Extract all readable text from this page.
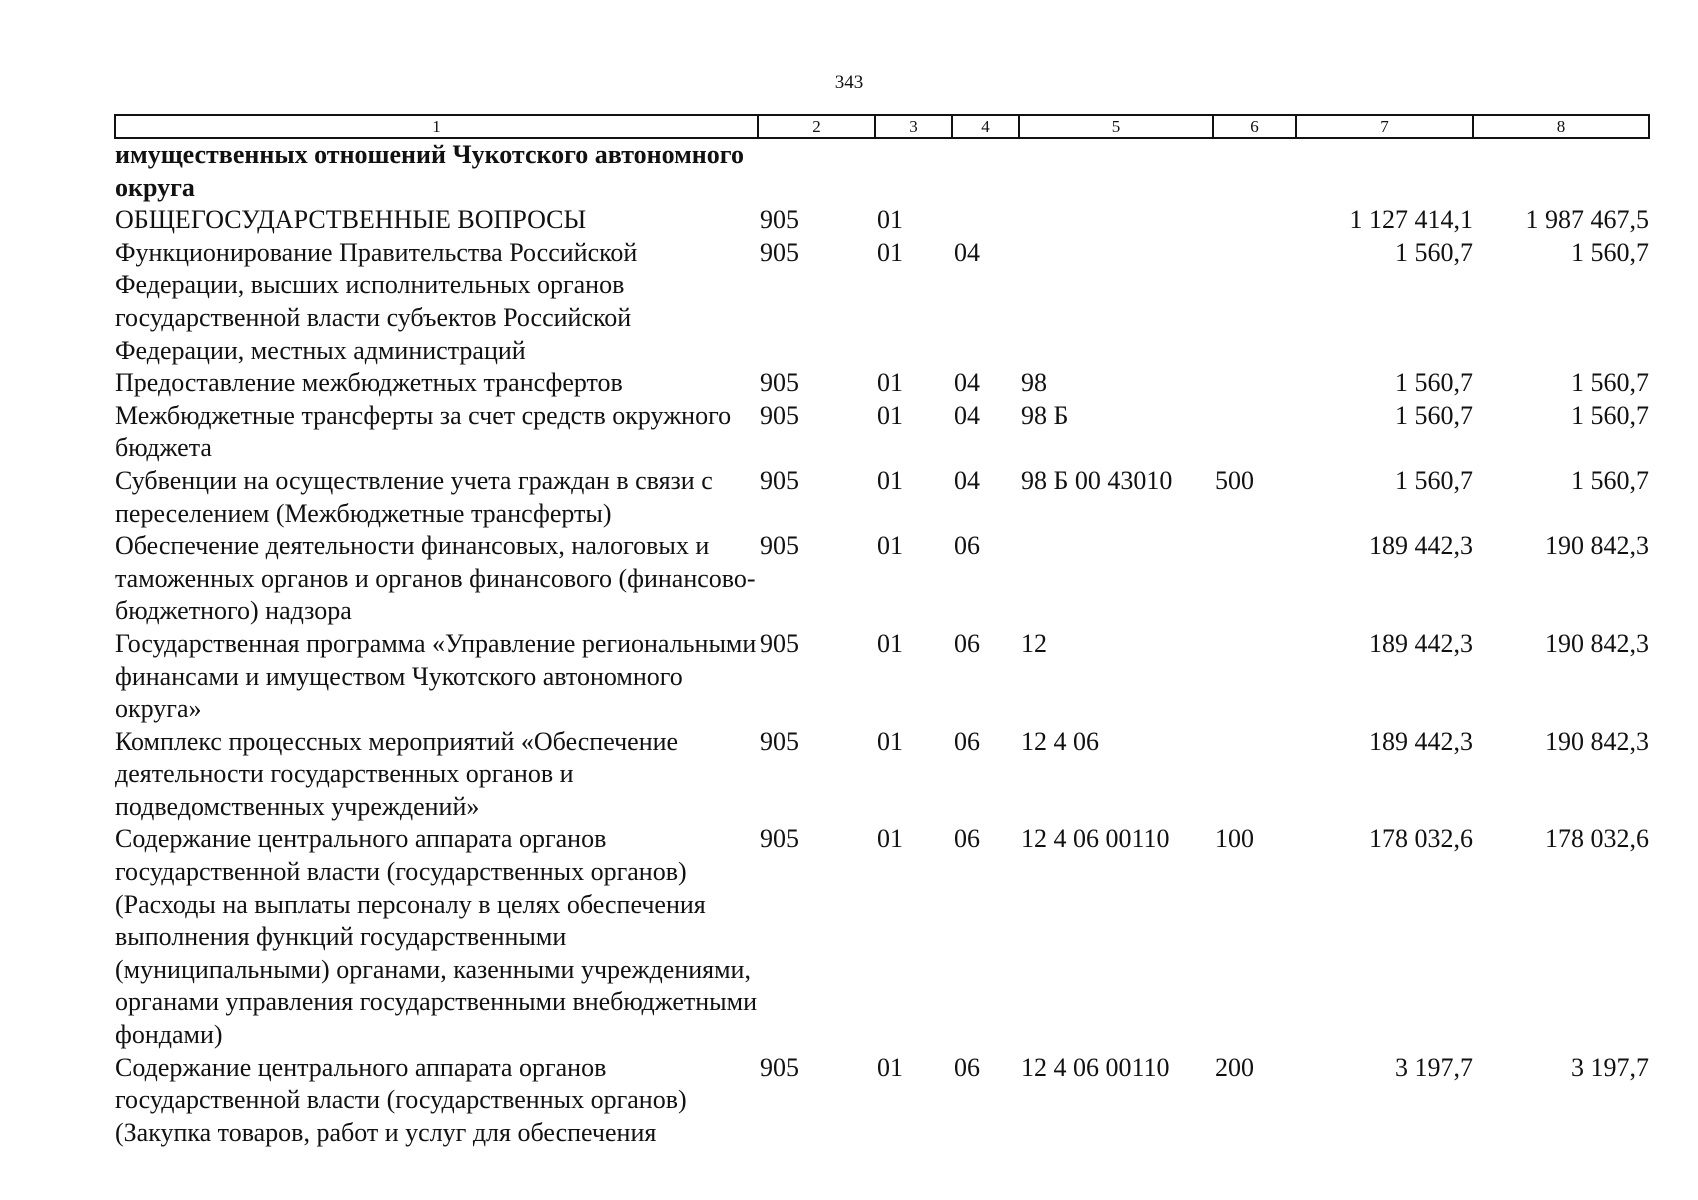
343
1	2	3	4	5	6	7	8
имущественных отношений Чукотского автономного округа							
ОБЩЕГОСУДАРСТВЕННЫЕ ВОПРОСЫ	905	01				1 127 414,1	1 987 467,5
Функционирование Правительства Российской Федерации, высших исполнительных органов государственной власти субъектов Российской Федерации, местных администраций	905	01	04			1 560,7	1 560,7
Предоставление межбюджетных трансфертов	905	01	04	98		1 560,7	1 560,7
Межбюджетные трансферты за счет средств окружного бюджета	905	01	04	98 Б		1 560,7	1 560,7
Субвенции на осуществление учета граждан в связи с переселением (Межбюджетные трансферты)	905	01	04	98 Б 00 43010	500	1 560,7	1 560,7
Обеспечение деятельности финансовых, налоговых и таможенных органов и органов финансового (финансово-бюджетного) надзора	905	01	06			189 442,3	190 842,3
Государственная программа «Управление региональными финансами и имуществом Чукотского автономного округа»	905	01	06	12		189 442,3	190 842,3
Комплекс процессных мероприятий «Обеспечение деятельности государственных органов и подведомственных учреждений»	905	01	06	12 4 06		189 442,3	190 842,3
Содержание центрального аппарата органов государственной власти (государственных органов) (Расходы на выплаты персоналу в целях обеспечения выполнения функций государственными (муниципальными) органами, казенными учреждениями, органами управления государственными внебюджетными фондами)	905	01	06	12 4 06 00110	100	178 032,6	178 032,6
Содержание центрального аппарата органов государственной власти (государственных органов) (Закупка товаров, работ и услуг для обеспечения	905	01	06	12 4 06 00110	200	3 197,7	3 197,7
